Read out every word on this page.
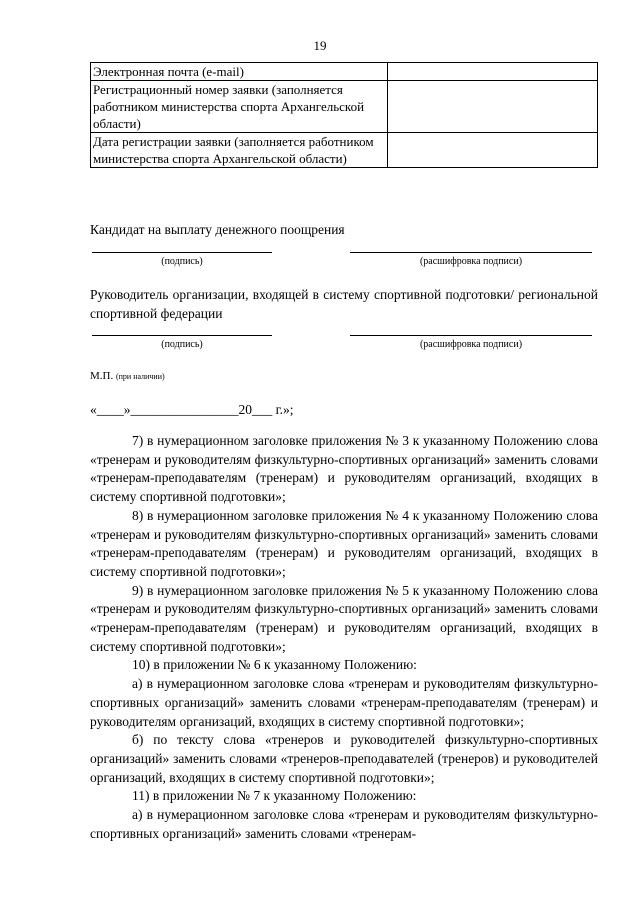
19
Электронная почта (e-mail)	
Регистрационный номер заявки (заполняется работником министерства спорта Архангельской области)	
Дата регистрации заявки (заполняется работником министерства спорта Архангельской области)	
Кандидат на выплату денежного поощрения
(подпись)	(расшифровка подписи)
Руководитель организации, входящей в систему спортивной подготовки/ региональной спортивной федерации
(подпись)	(расшифровка подписи)
М.П. (при наличии)
«____»________________20___ г.»;

7) в нумерационном заголовке приложения № 3 к указанному Положению слова «тренерам и руководителям физкультурно-спортивных организаций» заменить словами «тренерам-преподавателям (тренерам) и руководителям организаций, входящих в систему спортивной подготовки»;

8) в нумерационном заголовке приложения № 4 к указанному Положению слова «тренерам и руководителям физкультурно-спортивных организаций» заменить словами «тренерам-преподавателям (тренерам) и руководителям организаций, входящих в систему спортивной подготовки»;

9) в нумерационном заголовке приложения № 5 к указанному Положению слова «тренерам и руководителям физкультурно-спортивных организаций» заменить словами «тренерам-преподавателям (тренерам) и руководителям организаций, входящих в систему спортивной подготовки»;

10) в приложении № 6 к указанному Положению:

а) в нумерационном заголовке слова «тренерам и руководителям физкультурно-спортивных организаций» заменить словами «тренерам-преподавателям (тренерам) и руководителям организаций, входящих в систему спортивной подготовки»;

б) по тексту слова «тренеров и руководителей физкультурно-спортивных организаций» заменить словами «тренеров-преподавателей (тренеров) и руководителей организаций, входящих в систему спортивной подготовки»;

11) в приложении № 7 к указанному Положению:

а) в нумерационном заголовке слова «тренерам и руководителям физкультурно-спортивных организаций» заменить словами «тренерам-
